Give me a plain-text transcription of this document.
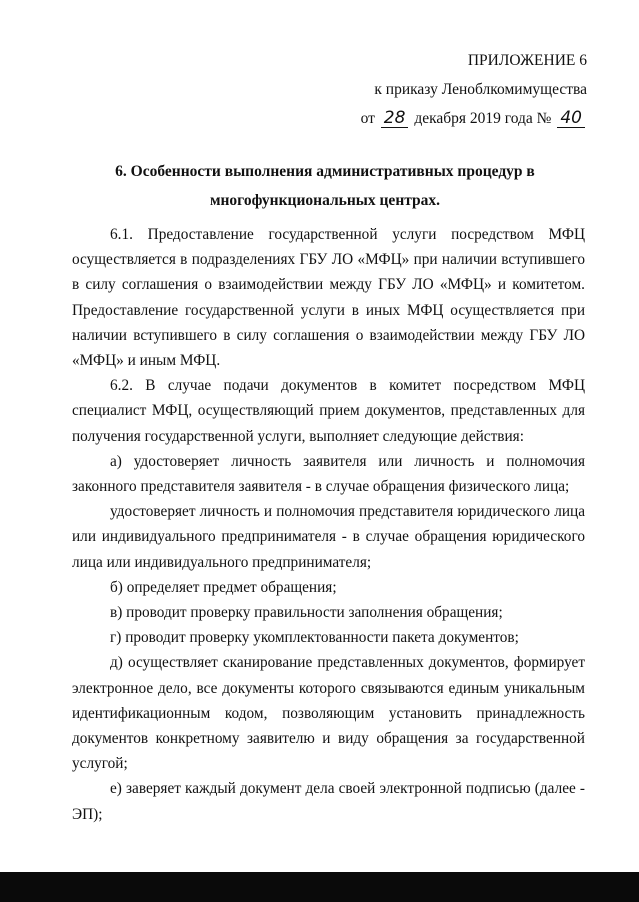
ПРИЛОЖЕНИЕ 6
к приказу Леноблкомимущества
от 28 декабря 2019 года № 40
6. Особенности выполнения административных процедур в
многофункциональных центрах.

6.1. Предоставление государственной услуги посредством МФЦ осуществляется в подразделениях ГБУ ЛО «МФЦ» при наличии вступившего в силу соглашения о взаимодействии между ГБУ ЛО «МФЦ» и комитетом. Предоставление государственной услуги в иных МФЦ осуществляется при наличии вступившего в силу соглашения о взаимодействии между ГБУ ЛО «МФЦ» и иным МФЦ.

6.2. В случае подачи документов в комитет посредством МФЦ специалист МФЦ, осуществляющий прием документов, представленных для получения государственной услуги, выполняет следующие действия:

а) удостоверяет личность заявителя или личность и полномочия законного представителя заявителя - в случае обращения физического лица;

удостоверяет личность и полномочия представителя юридического лица или индивидуального предпринимателя - в случае обращения юридического лица или индивидуального предпринимателя;

б) определяет предмет обращения;

в) проводит проверку правильности заполнения обращения;

г) проводит проверку укомплектованности пакета документов;

д) осуществляет сканирование представленных документов, формирует электронное дело, все документы которого связываются единым уникальным идентификационным кодом, позволяющим установить принадлежность документов конкретному заявителю и виду обращения за государственной услугой;

е) заверяет каждый документ дела своей электронной подписью (далее - ЭП);
